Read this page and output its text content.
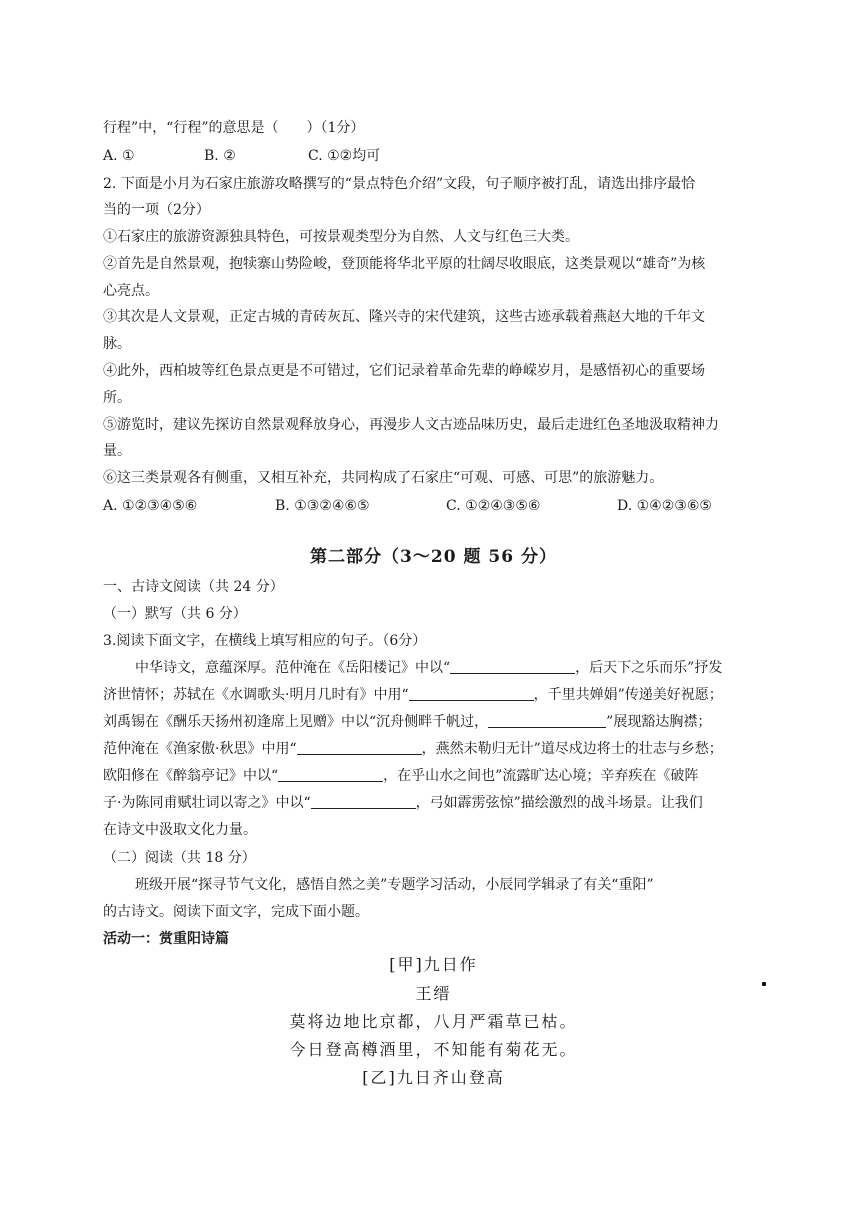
行程”中，“行程”的意思是（　　）（1分）
A. ①	B. ②	C. ①②均可
2. 下面是小月为石家庄旅游攻略撰写的“景点特色介绍”文段，句子顺序被打乱，请选出排序最恰
当的一项（2分）
①石家庄的旅游资源独具特色，可按景观类型分为自然、人文与红色三大类。
②首先是自然景观，抱犊寨山势险峻，登顶能将华北平原的壮阔尽收眼底，这类景观以“雄奇”为核
心亮点。
③其次是人文景观，正定古城的青砖灰瓦、隆兴寺的宋代建筑，这些古迹承载着燕赵大地的千年文
脉。
④此外，西柏坡等红色景点更是不可错过，它们记录着革命先辈的峥嵘岁月，是感悟初心的重要场
所。
⑤游览时，建议先探访自然景观释放身心，再漫步人文古迹品味历史，最后走进红色圣地汲取精神力
量。
⑥这三类景观各有侧重，又相互补充，共同构成了石家庄“可观、可感、可思”的旅游魅力。
A. ①②③④⑤⑥	B. ①③②④⑥⑤	C. ①②④③⑤⑥	D. ①④②③⑥⑤
第二部分（3～20 题 56 分）
一、古诗文阅读（共 24 分）
（一）默写（共 6 分）
3.阅读下面文字，在横线上填写相应的句子。（6分）
中华诗文，意蕴深厚。范仲淹在《岳阳楼记》中以“	，后天下之乐而乐”抒发
济世情怀；苏轼在《水调歌头·明月几时有》中用“	，千里共婵娟”传递美好祝愿；
刘禹锡在《酬乐天扬州初逢席上见赠》中以“沉舟侧畔千帆过，	”展现豁达胸襟；
范仲淹在《渔家傲·秋思》中用“	，燕然未勒归无计”道尽戍边将士的壮志与乡愁；
欧阳修在《醉翁亭记》中以“	，在乎山水之间也”流露旷达心境；辛弃疾在《破阵
子·为陈同甫赋壮词以寄之》中以“	，弓如霹雳弦惊”描绘激烈的战斗场景。让我们
在诗文中汲取文化力量。
（二）阅读（共 18 分）
班级开展“探寻节气文化，感悟自然之美”专题学习活动，小辰同学辑录了有关“重阳”
的古诗文。阅读下面文字，完成下面小题。
活动一：赏重阳诗篇
[甲]九日作
王缙
莫将边地比京都，八月严霜草已枯。
今日登高樽酒里，不知能有菊花无。
[乙]九日齐山登高
